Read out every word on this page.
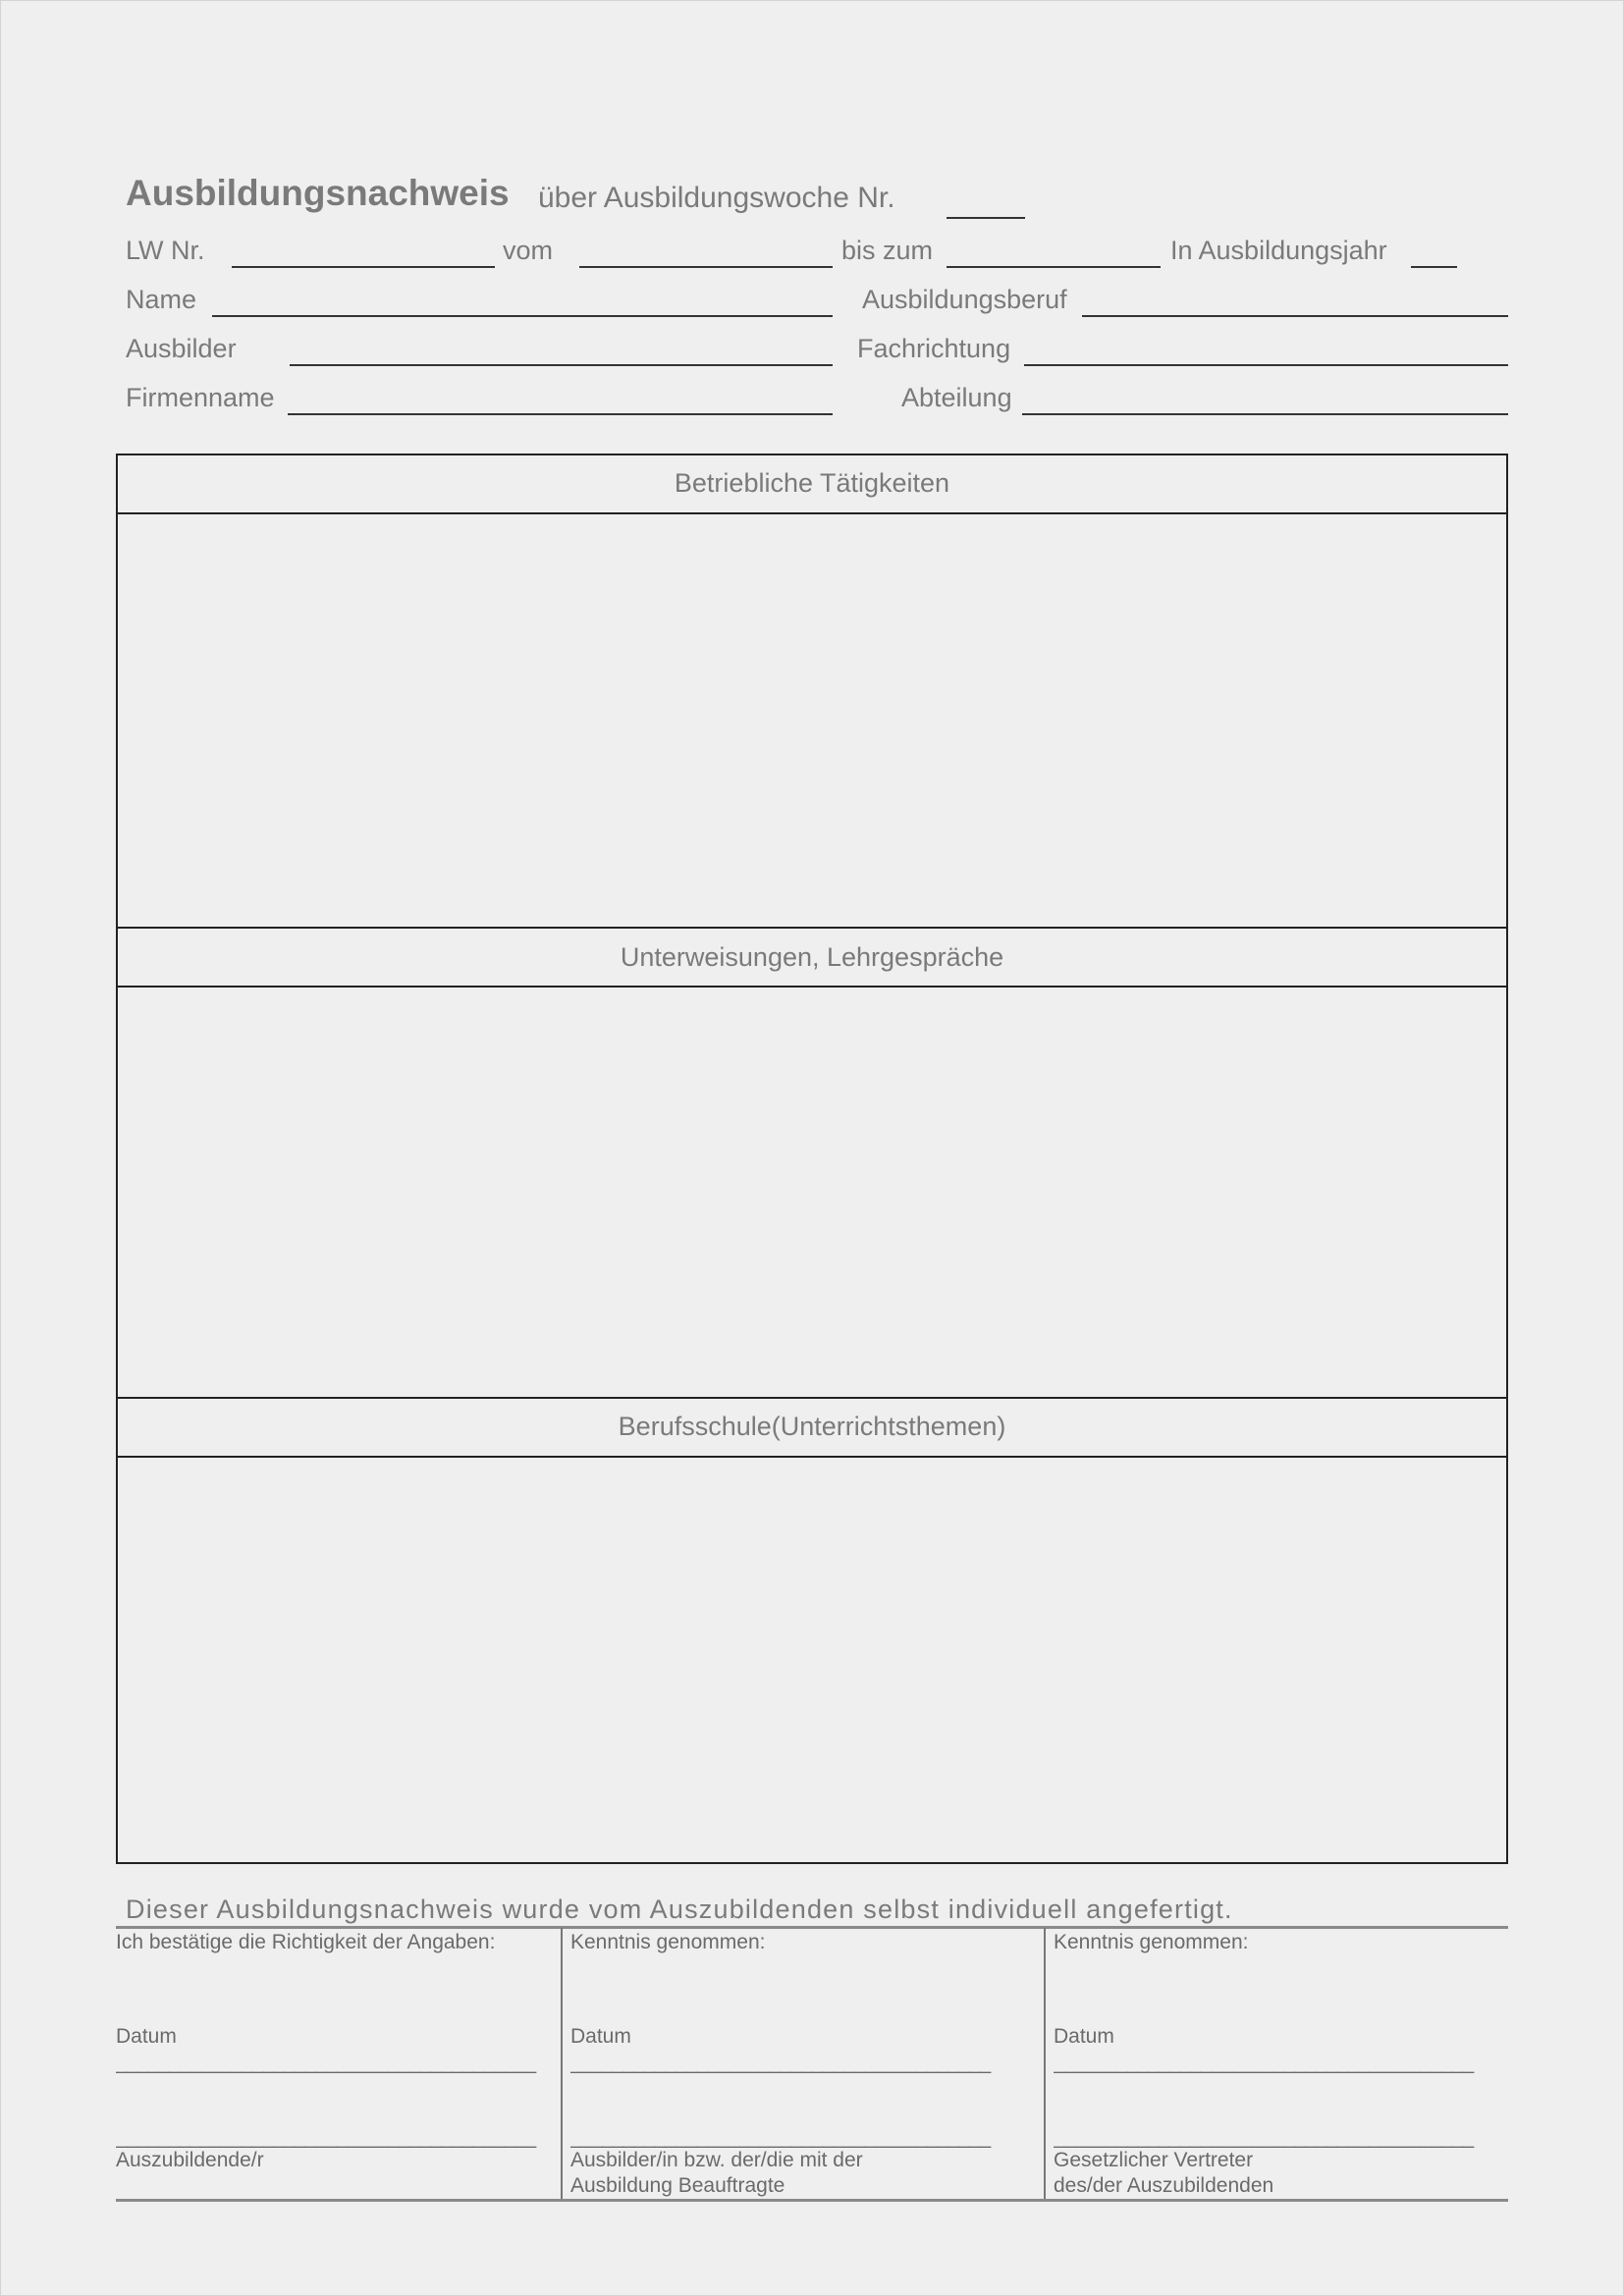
Ausbildungsnachweis über Ausbildungswoche Nr.
LW Nr.	vom	bis zum	In Ausbildungsjahr
Name	Ausbildungsberuf
Ausbilder	Fachrichtung
Firmenname	Abteilung
Betriebliche Tätigkeiten
Unterweisungen, Lehrgespräche
Berufsschule(Unterrichtsthemen)
Dieser Ausbildungsnachweis wurde vom Auszubildenden selbst individuell angefertigt.
Ich bestätige die Richtigkeit der Angaben:
Datum
________________________________________
________________________________________
Auszubildende/r
Kenntnis genommen:
Datum
________________________________________
________________________________________
Ausbilder/in bzw. der/die mit der
Ausbildung Beauftragte
Kenntnis genommen:
Datum
________________________________________
________________________________________
Gesetzlicher Vertreter
des/der Auszubildenden
